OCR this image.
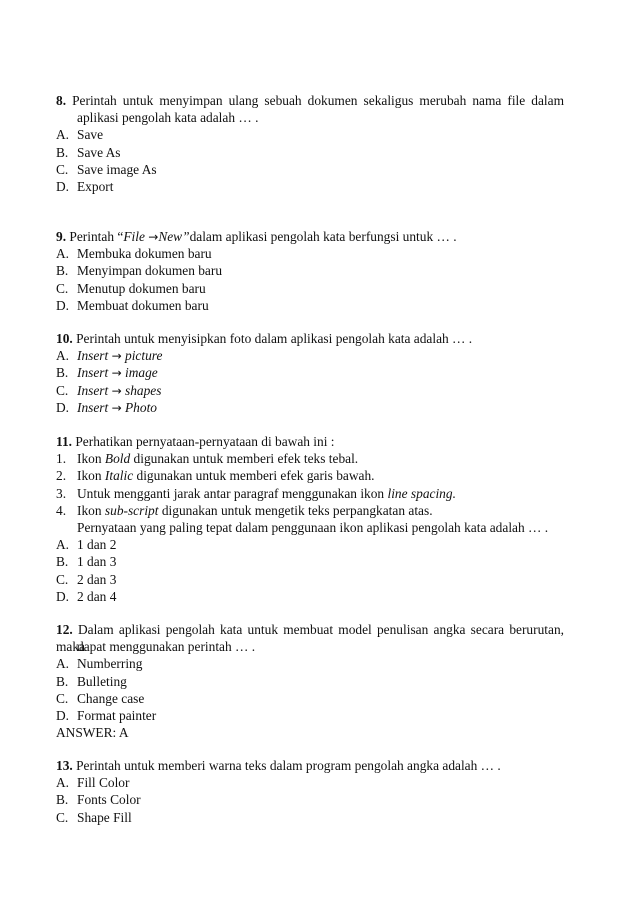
8. Perintah untuk menyimpan ulang sebuah dokumen sekaligus merubah nama file dalam
aplikasi pengolah kata adalah … .
A. Save
B. Save As
C. Save image As
D. Export
9. Perintah “File →New”dalam aplikasi pengolah kata berfungsi untuk … .
A. Membuka dokumen baru
B. Menyimpan dokumen baru
C. Menutup dokumen baru
D. Membuat dokumen baru
10. Perintah untuk menyisipkan foto dalam aplikasi pengolah kata adalah … .
A. Insert → picture
B. Insert → image
C. Insert → shapes
D. Insert → Photo
11. Perhatikan pernyataan-pernyataan di bawah ini :
1. Ikon Bold digunakan untuk memberi efek teks tebal.
2. Ikon Italic digunakan untuk memberi efek garis bawah.
3. Untuk mengganti jarak antar paragraf menggunakan ikon line spacing.
4. Ikon sub-script digunakan untuk mengetik teks perpangkatan atas.
Pernyataan yang paling tepat dalam penggunaan ikon aplikasi pengolah kata adalah … .
A. 1 dan 2
B. 1 dan 3
C. 2 dan 3
D. 2 dan 4
12. Dalam aplikasi pengolah kata untuk membuat model penulisan angka secara berurutan, maka
dapat menggunakan perintah … .
A. Numberring
B. Bulleting
C. Change case
D. Format painter
ANSWER: A
13. Perintah untuk memberi warna teks dalam program pengolah angka adalah … .
A. Fill Color
B. Fonts Color
C. Shape Fill
